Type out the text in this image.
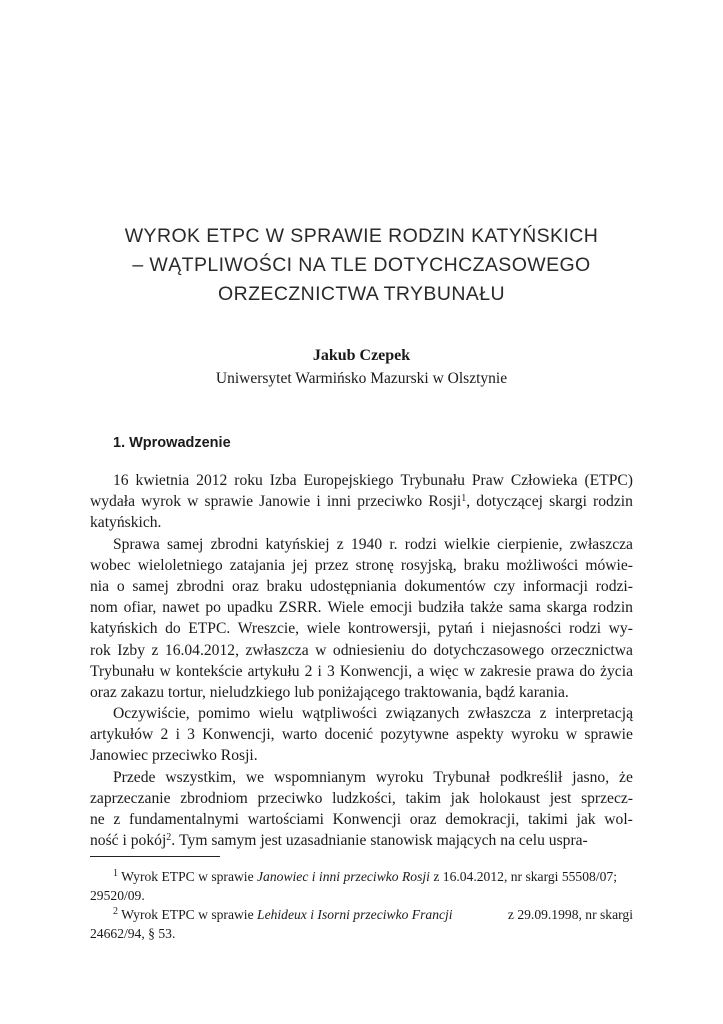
WYROK ETPC W SPRAWIE RODZIN KATYŃSKICH
– WĄTPLIWOŚCI NA TLE DOTYCHCZASOWEGO
ORZECZNICTWA TRYBUNAŁU
Jakub Czepek
Uniwersytet Warmińsko Mazurski w Olsztynie
1. Wprowadzenie
16 kwietnia 2012 roku Izba Europejskiego Trybunału Praw Człowieka (ETPC)
wydała wyrok w sprawie Janowie i inni przeciwko Rosji$^1$, dotyczącej skargi rodzin
katyńskich.
Sprawa samej zbrodni katyńskiej z 1940 r. rodzi wielkie cierpienie, zwłaszcza
wobec wieloletniego zatajania jej przez stronę rosyjską, braku możliwości mówie-
nia o samej zbrodni oraz braku udostępniania dokumentów czy informacji rodzi-
nom ofiar, nawet po upadku ZSRR. Wiele emocji budziła także sama skarga rodzin
katyńskich do ETPC. Wreszcie, wiele kontrowersji, pytań i niejasności rodzi wy-
rok Izby z 16.04.2012, zwłaszcza w odniesieniu do dotychczasowego orzecznictwa
Trybunału w kontekście artykułu 2 i 3 Konwencji, a więc w zakresie prawa do życia
oraz zakazu tortur, nieludzkiego lub poniżającego traktowania, bądź karania.
Oczywiście, pomimo wielu wątpliwości związanych zwłaszcza z interpretacją
artykułów 2 i 3 Konwencji, warto docenić pozytywne aspekty wyroku w sprawie
Janowiec przeciwko Rosji.
Przede wszystkim, we wspomnianym wyroku Trybunał podkreślił jasno, że
zaprzeczanie zbrodniom przeciwko ludzkości, takim jak holokaust jest sprzecz-
ne z fundamentalnymi wartościami Konwencji oraz demokracji, takimi jak wol-
ność i pokój$^2$. Tym samym jest uzasadnianie stanowisk mających na celu uspra-
$^1$ Wyrok ETPC w sprawie Janowiec i inni przeciwko Rosji z 16.04.2012, nr skargi 55508/07;
29520/09.
$^2$ Wyrok ETPC w sprawie Lehideux i Isorni przeciwko Francji	z 29.09.1998, nr skargi
24662/94, § 53.
